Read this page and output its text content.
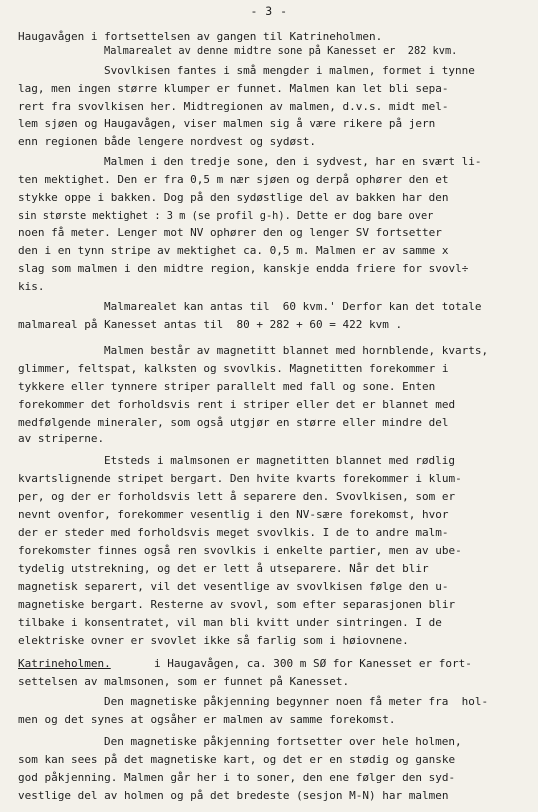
- 3 -
Haugavågen i fortsettelsen av gangen til Katrineholmen.
Malmarealet av denne midtre sone på Kanesset er  282 kvm.
Svovlkisen fantes i små mengder i malmen, formet i tynne
lag, men ingen større klumper er funnet. Malmen kan let bli sepa-
rert fra svovlkisen her. Midtregionen av malmen, d.v.s. midt mel-
lem sjøen og Haugavågen, viser malmen sig å være rikere på jern
enn regionen både lengere nordvest og sydøst.
Malmen i den tredje sone, den i sydvest, har en svært li-
ten mektighet. Den er fra 0,5 m nær sjøen og derpå ophører den et
stykke oppe i bakken. Dog på den sydøstlige del av bakken har den
sin største mektighet : 3 m (se profil g-h). Dette er dog bare over
noen få meter. Lenger mot NV ophører den og lenger SV fortsetter
den i en tynn stripe av mektighet ca. 0,5 m. Malmen er av samme x
slag som malmen i den midtre region, kanskje endda friere for svovl÷
kis.
Malmarealet kan antas til  60 kvm.' Derfor kan det totale
malmareal på Kanesset antas til  80 + 282 + 60 = 422 kvm .
Malmen består av magnetitt blannet med hornblende, kvarts,
glimmer, feltspat, kalksten og svovlkis. Magnetitten forekommer i
tykkere eller tynnere striper parallelt med fall og sone. Enten
forekommer det forholdsvis rent i striper eller det er blannet med
medfølgende mineraler, som også utgjør en større eller mindre del
av striperne.
Etsteds i malmsonen er magnetitten blannet med rødlig
kvartslignende stripet bergart. Den hvite kvarts forekommer i klum-
per, og der er forholdsvis lett å separere den. Svovlkisen, som er
nevnt ovenfor, forekommer vesentlig i den NV-sære forekomst, hvor
der er steder med forholdsvis meget svovlkis. I de to andre malm-
forekomster finnes også ren svovlkis i enkelte partier, men av ube-
tydelig utstrekning, og det er lett å utseparere. Når det blir
magnetisk separert, vil det vesentlige av svovlkisen følge den u-
magnetiske bergart. Resterne av svovl, som efter separasjonen blir
tilbake i konsentratet, vil man bli kvitt under sintringen. I de
elektriske ovner er svovlet ikke så farlig som i høiovnene.
Katrineholmen.	i Haugavågen, ca. 300 m SØ for Kanesset er fort-
settelsen av malmsonen, som er funnet på Kanesset.
Den magnetiske påkjenning begynner noen få meter fra  hol-
men og det synes at ogsåher er malmen av samme forekomst.
Den magnetiske påkjenning fortsetter over hele holmen,
som kan sees på det magnetiske kart, og det er en stødig og ganske
god påkjenning. Malmen går her i to soner, den ene følger den syd-
vestlige del av holmen og på det bredeste (sesjon M-N) har malmen
